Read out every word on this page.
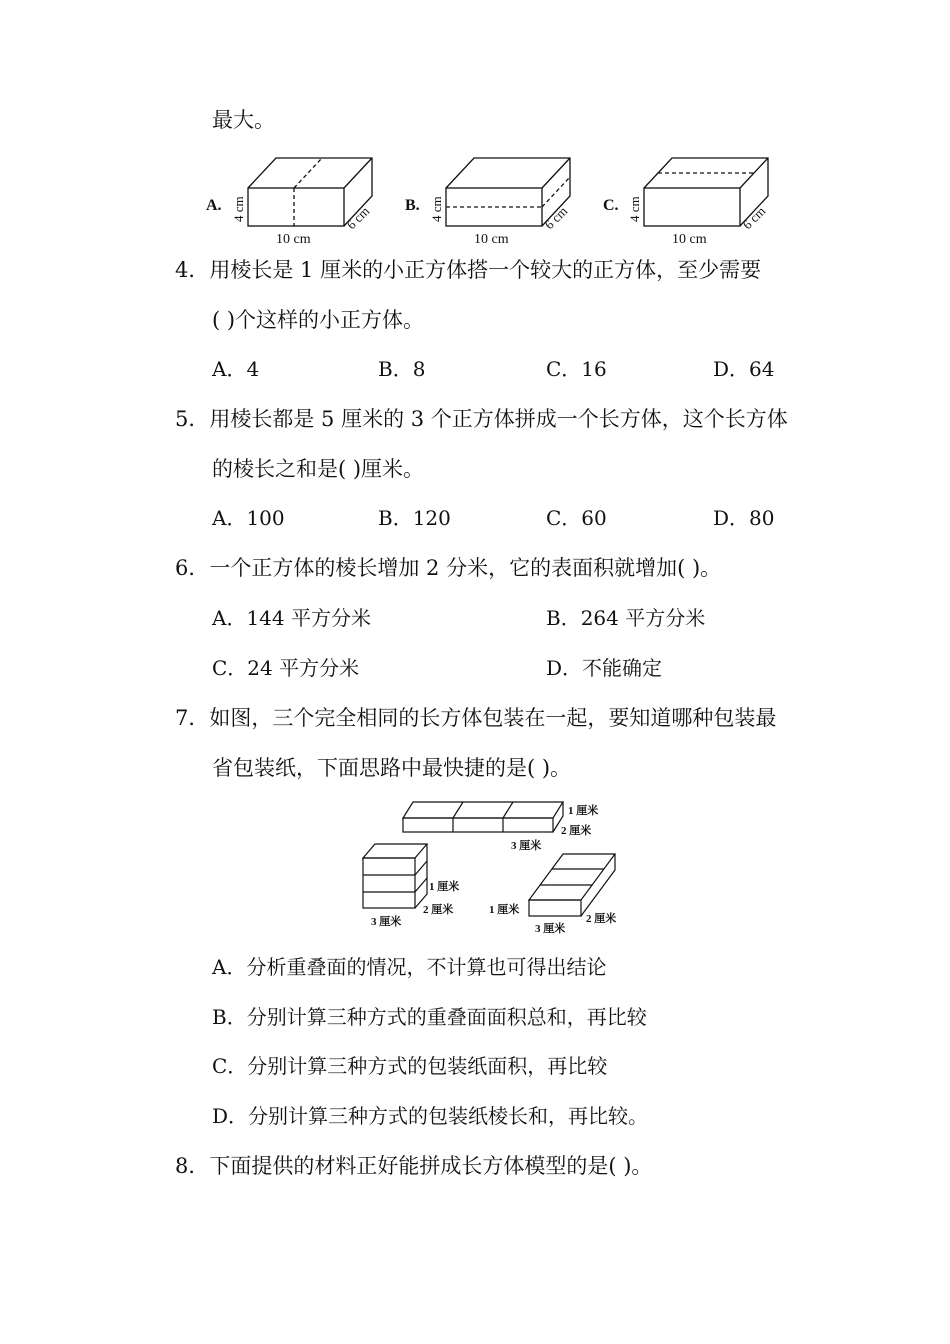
最大。
A. 4 cm
10 cm
6 cm B. 4 cm
10 cm
6 cm C. 4 cm
10 cm
6 cm
4．用棱长是 1 厘米的小正方体搭一个较大的正方体，至少需要
( )个这样的小正方体。
A．4	B．8	C．16	D．64
5．用棱长都是 5 厘米的 3 个正方体拼成一个长方体，这个长方体
的棱长之和是( )厘米。
A．100	B．120	C．60	D．80
6．一个正方体的棱长增加 2 分米，它的表面积就增加( )。
A．144 平方分米	B．264 平方分米
C．24 平方分米	D．不能确定
7．如图，三个完全相同的长方体包装在一起，要知道哪种包装最
省包装纸，下面思路中最快捷的是( )。
1 厘米
2 厘米
3 厘米
1 厘米
2 厘米
3 厘米
1 厘米
2 厘米
3 厘米
A．分析重叠面的情况，不计算也可得出结论
B．分别计算三种方式的重叠面面积总和，再比较
C．分别计算三种方式的包装纸面积，再比较
D．分别计算三种方式的包装纸棱长和，再比较。
8．下面提供的材料正好能拼成长方体模型的是( )。
